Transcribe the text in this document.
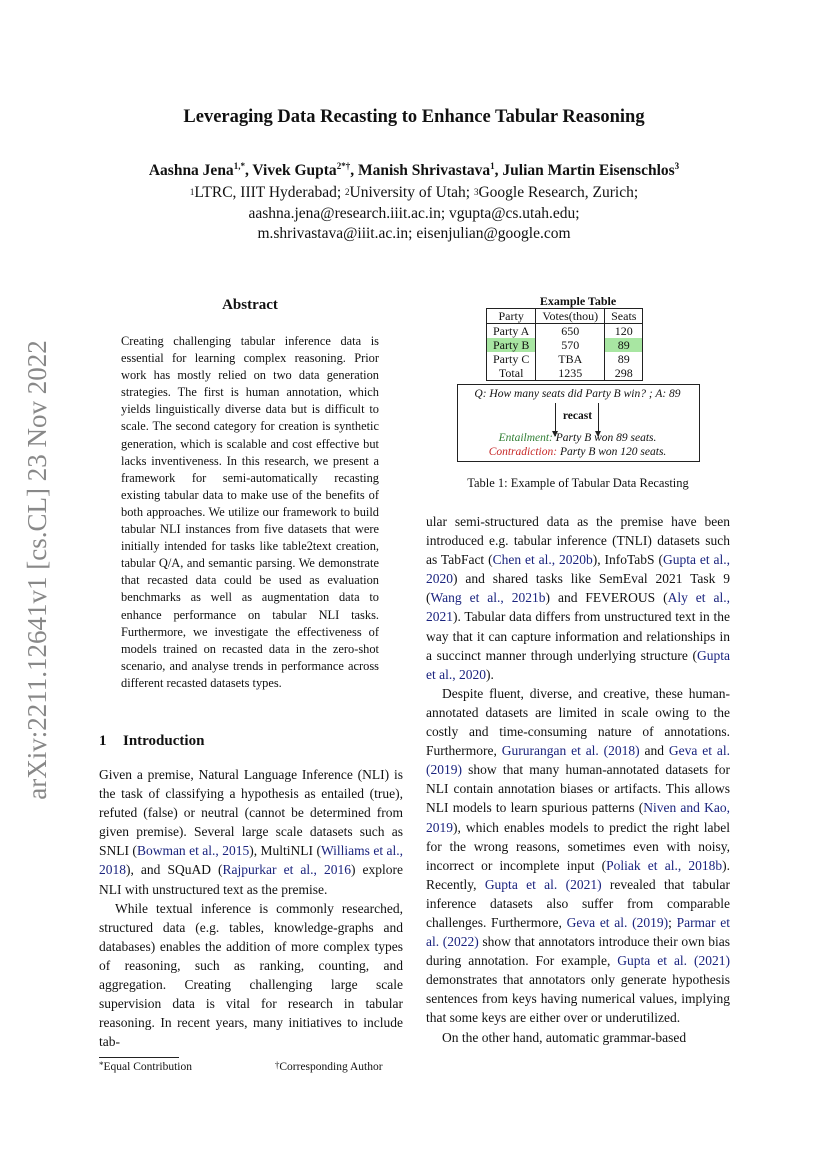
arXiv:2211.12641v1 [cs.CL] 23 Nov 2022
Leveraging Data Recasting to Enhance Tabular Reasoning
Aashna Jena$^{1,*}$, Vivek Gupta$^{2*\dagger}$, Manish Shrivastava$^1$, Julian Martin Eisenschlos$^3$
$^1$LTRC, IIIT Hyderabad; $^2$University of Utah; $^3$Google Research, Zurich;
aashna.jena@research.iiit.ac.in; vgupta@cs.utah.edu;
m.shrivastava@iiit.ac.in; eisenjulian@google.com
Abstract

Creating challenging tabular inference data is essential for learning complex reasoning. Prior work has mostly relied on two data generation strategies. The first is human annotation, which yields linguistically diverse data but is difficult to scale. The second category for creation is synthetic generation, which is scalable and cost effective but lacks inventiveness. In this research, we present a framework for semi-automatically recasting existing tabular data to make use of the benefits of both approaches. We utilize our framework to build tabular NLI instances from five datasets that were initially intended for tasks like table2text creation, tabular Q/A, and semantic parsing. We demonstrate that recasted data could be used as evaluation benchmarks as well as augmentation data to enhance performance on tabular NLI tasks. Furthermore, we investigate the effectiveness of models trained on recasted data in the zero-shot scenario, and analyse trends in performance across different recasted datasets types.

1 Introduction

Given a premise, Natural Language Inference (NLI) is the task of classifying a hypothesis as entailed (true), refuted (false) or neutral (cannot be determined from given premise). Several large scale datasets such as SNLI (Bowman et al., 2015), MultiNLI (Williams et al., 2018), and SQuAD (Rajpurkar et al., 2016) explore NLI with unstructured text as the premise.

While textual inference is commonly researched, structured data (e.g. tables, knowledge-graphs and databases) enables the addition of more complex types of reasoning, such as ranking, counting, and aggregation. Creating challenging large scale supervision data is vital for research in tabular reasoning. In recent years, many initiatives to include tab-

*Equal Contribution	†Corresponding Author
Example Table
Party	Votes(thou)	Seats
Party A	650	120
Party B	570	89
Party C	TBA	89
Total	1235	298
Q: How many seats did Party B win? ; A: 89
recast
Entailment: Party B won 89 seats.
Contradiction: Party B won 120 seats.
Table 1: Example of Tabular Data Recasting

ular semi-structured data as the premise have been introduced e.g. tabular inference (TNLI) datasets such as TabFact (Chen et al., 2020b), InfoTabS (Gupta et al., 2020) and shared tasks like SemEval 2021 Task 9 (Wang et al., 2021b) and FEVEROUS (Aly et al., 2021). Tabular data differs from unstructured text in the way that it can capture information and relationships in a succinct manner through underlying structure (Gupta et al., 2020).

Despite fluent, diverse, and creative, these human-annotated datasets are limited in scale owing to the costly and time-consuming nature of annotations. Furthermore, Gururangan et al. (2018) and Geva et al. (2019) show that many human-annotated datasets for NLI contain annotation biases or artifacts. This allows NLI models to learn spurious patterns (Niven and Kao, 2019), which enables models to predict the right label for the wrong reasons, sometimes even with noisy, incorrect or incomplete input (Poliak et al., 2018b). Recently, Gupta et al. (2021) revealed that tabular inference datasets also suffer from comparable challenges. Furthermore, Geva et al. (2019); Parmar et al. (2022) show that annotators introduce their own bias during annotation. For example, Gupta et al. (2021) demonstrates that annotators only generate hypothesis sentences from keys having numerical values, implying that some keys are either over or underutilized.

On the other hand, automatic grammar-based
